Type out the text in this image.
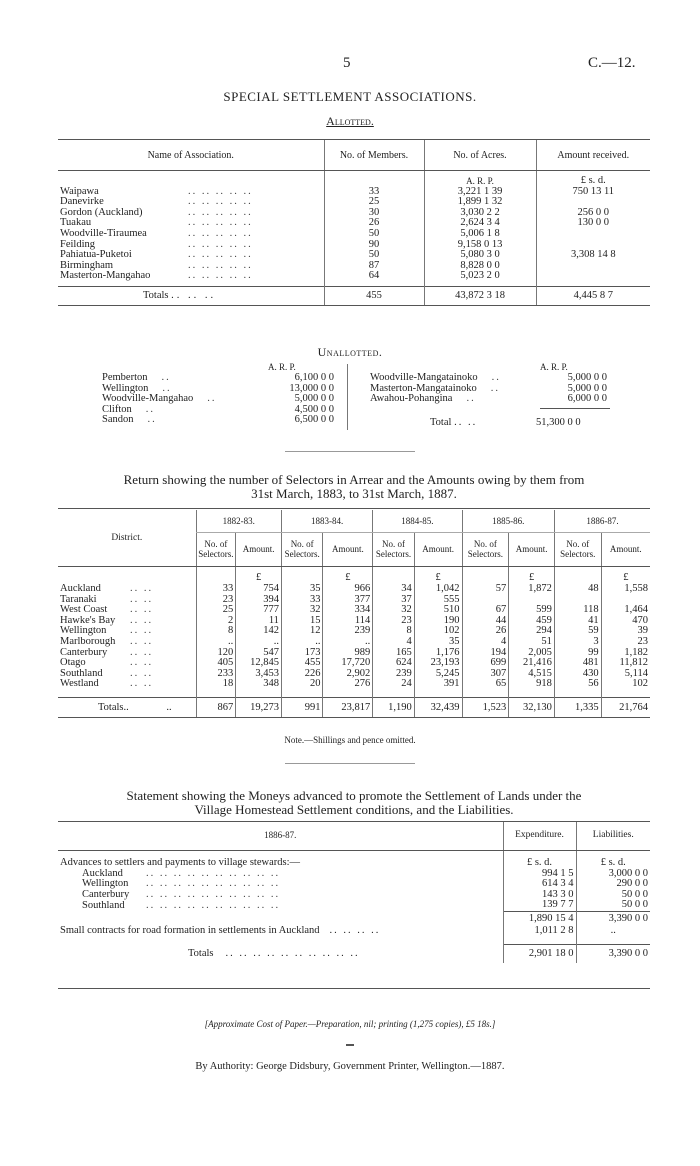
5	C.—12.
SPECIAL SETTLEMENT ASSOCIATIONS.
Allotted.
Name of Association.	No. of Members.	No. of Acres.	Amount received.
		A. R. P.	£ s. d.
Waipawa .. .. .. .. ..	33	3,221 1 39	750 13 11
Danevirke .. .. .. .. ..	25	1,899 1 32	
Gordon (Auckland) .. .. .. .. ..	30	3,030 2 2	256 0 0
Tuakau .. .. .. .. ..	26	2,624 3 4	130 0 0
Woodville-Tiraumea .. .. .. .. ..	50	5,006 1 8	
Feilding .. .. .. .. ..	90	9,158 0 13	
Pahiatua-Puketoi .. .. .. .. ..	50	5,080 3 0	3,308 14 8
Birmingham .. .. .. .. ..	87	8,828 0 0	
Masterton-Mangahao .. .. .. .. ..	64	5,023 2 0	
Totals .. .. ..	455	43,872 3 18	4,445 8 7
Unallotted.
A. R. P.	A. R. P.
Pemberton ..	6,100 0 0
Wellington ..	13,000 0 0
Woodville-Mangahao ..	5,000 0 0
Clifton ..	4,500 0 0
Sandon ..	6,500 0 0
Woodville-Mangatainoko ..	5,000 0 0
Masterton-Mangatainoko ..	5,000 0 0
Awahou-Pohangina ..	6,000 0 0
Total .. ..	51,300 0 0
Return showing the number of Selectors in Arrear and the Amounts owing by them from
31st March, 1883, to 31st March, 1887.
District.	1882-83.		1883-84.		1884-85.		1885-86.		1886-87.	
	No. of Selectors.	Amount.	No. of Selectors.	Amount.	No. of Selectors.	Amount.	No. of Selectors.	Amount.	No. of Selectors.	Amount.
		£		£		£		£		£
Auckland .. ..	33	754	35	966	34	1,042	57	1,872	48	1,558
Taranaki .. ..	23	394	33	377	37	555				
West Coast .. ..	25	777	32	334	32	510	67	599	118	1,464
Hawke's Bay .. ..	2	11	15	114	23	190	44	459	41	470
Wellington .. ..	8	142	12	239	8	102	26	294	59	39
Marlborough .. ..	..	..	..	..	4	35	4	51	3	23
Canterbury .. ..	120	547	173	989	165	1,176	194	2,005	99	1,182
Otago .. ..	405	12,845	455	17,720	624	23,193	699	21,416	481	11,812
Southland .. ..	233	3,453	226	2,902	239	5,245	307	4,515	430	5,114
Westland .. ..	18	348	20	276	24	391	65	918	56	102

Totals.. ..	867	19,273	991	23,817	1,190	32,439	1,523	32,130	1,335	21,764
Note.—Shillings and pence omitted.
Statement showing the Moneys advanced to promote the Settlement of Lands under the
Village Homestead Settlement conditions, and the Liabilities.
1886-87.	Expenditure.	Liabilities.

Advances to settlers and payments to village stewards:—	£ s. d.	£ s. d.
Auckland .. .. .. .. .. .. .. .. .. ..	994 1 5	3,000 0 0
Wellington .. .. .. .. .. .. .. .. .. ..	614 3 4	290 0 0
Canterbury .. .. .. .. .. .. .. .. .. ..	143 3 0	50 0 0
Southland .. .. .. .. .. .. .. .. .. ..	139 7 7	50 0 0
	1,890 15 4	3,390 0 0
Small contracts for road formation in settlements in Auckland .. .. .. ..	1,011 2 8	..

Totals .. .. .. .. .. .. .. .. .. ..	2,901 18 0	3,390 0 0
[Approximate Cost of Paper.—Preparation, nil; printing (1,275 copies), £5 18s.]
By Authority: George Didsbury, Government Printer, Wellington.—1887.
